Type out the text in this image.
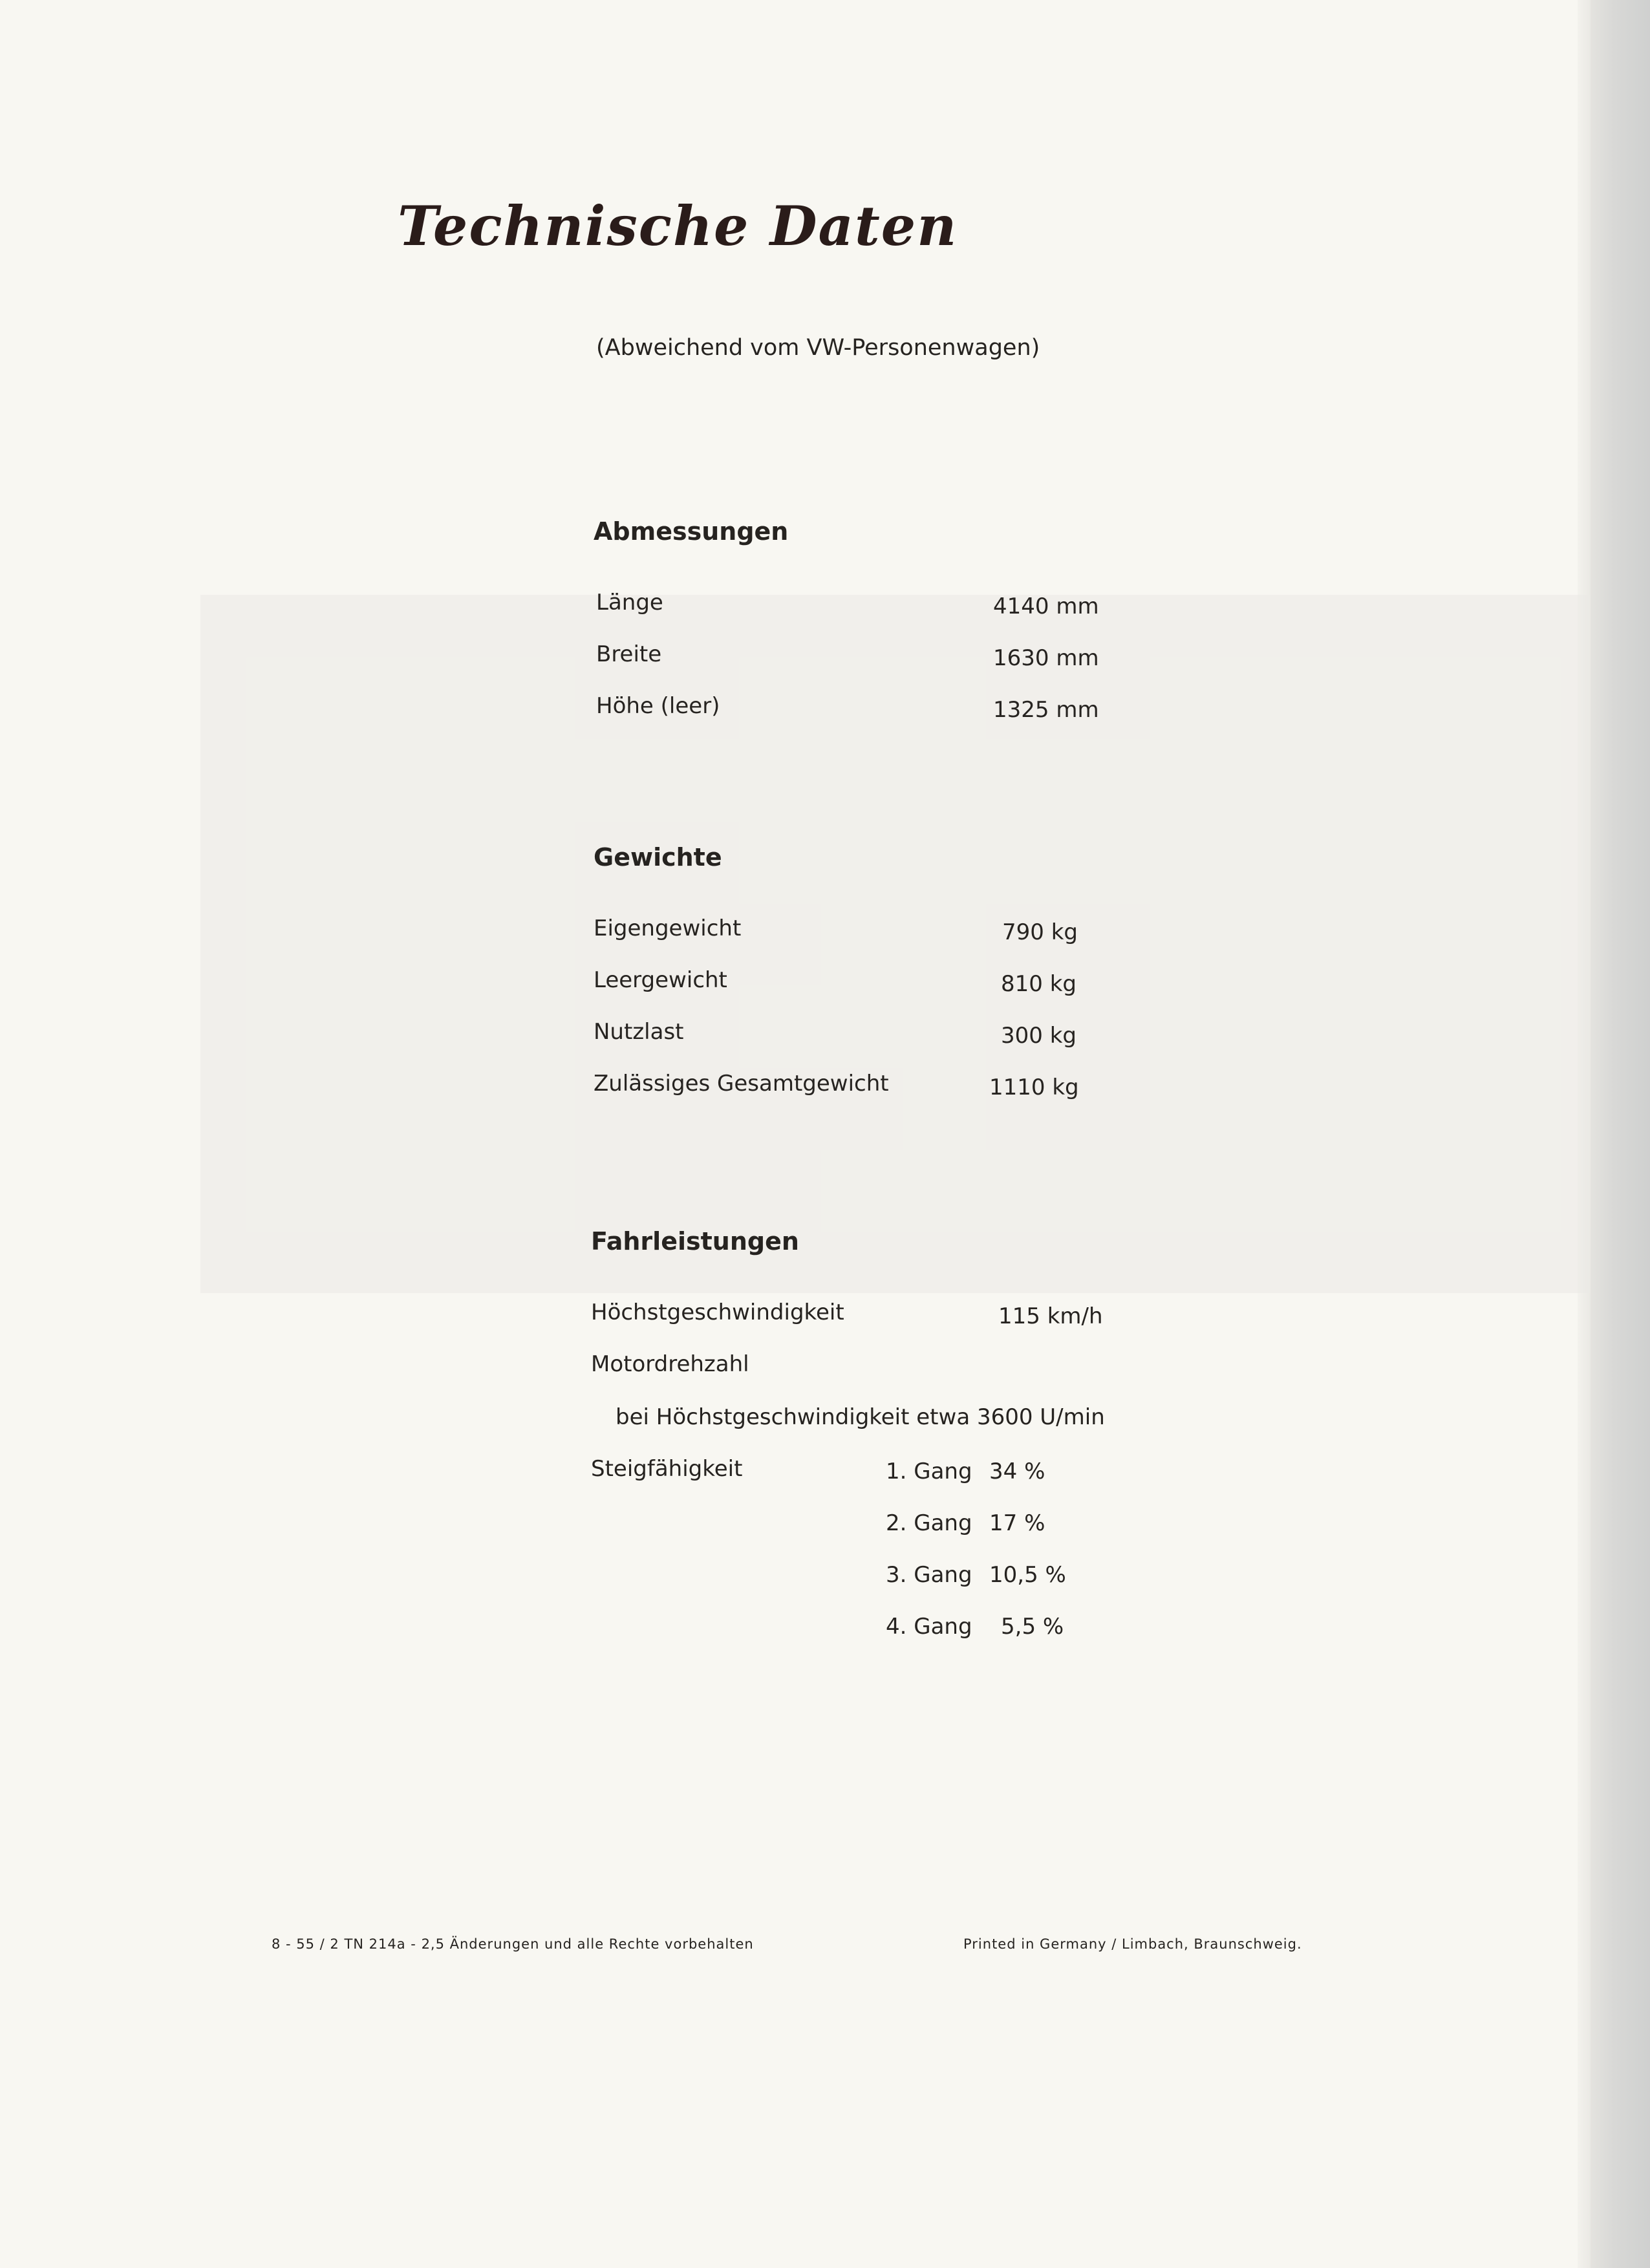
Technische Daten
(Abweichend vom VW-Personenwagen)
Abmessungen
Länge	4140 mm
Breite	1630 mm
Höhe (leer)	1325 mm
Gewichte
Eigengewicht	790 kg
Leergewicht	810 kg
Nutzlast	300 kg
Zulässiges Gesamtgewicht	1110 kg
Fahrleistungen
Höchstgeschwindigkeit	115 km/h
Motordrehzahl
bei Höchstgeschwindigkeit etwa 3600 U/min
Steigfähigkeit	1. Gang 34 %
2. Gang 17 %
3. Gang 10,5 %
4. Gang 5,5 %
8 - 55 / 2 TN 214a - 2,5 Änderungen und alle Rechte vorbehalten	Printed in Germany / Limbach, Braunschweig.
